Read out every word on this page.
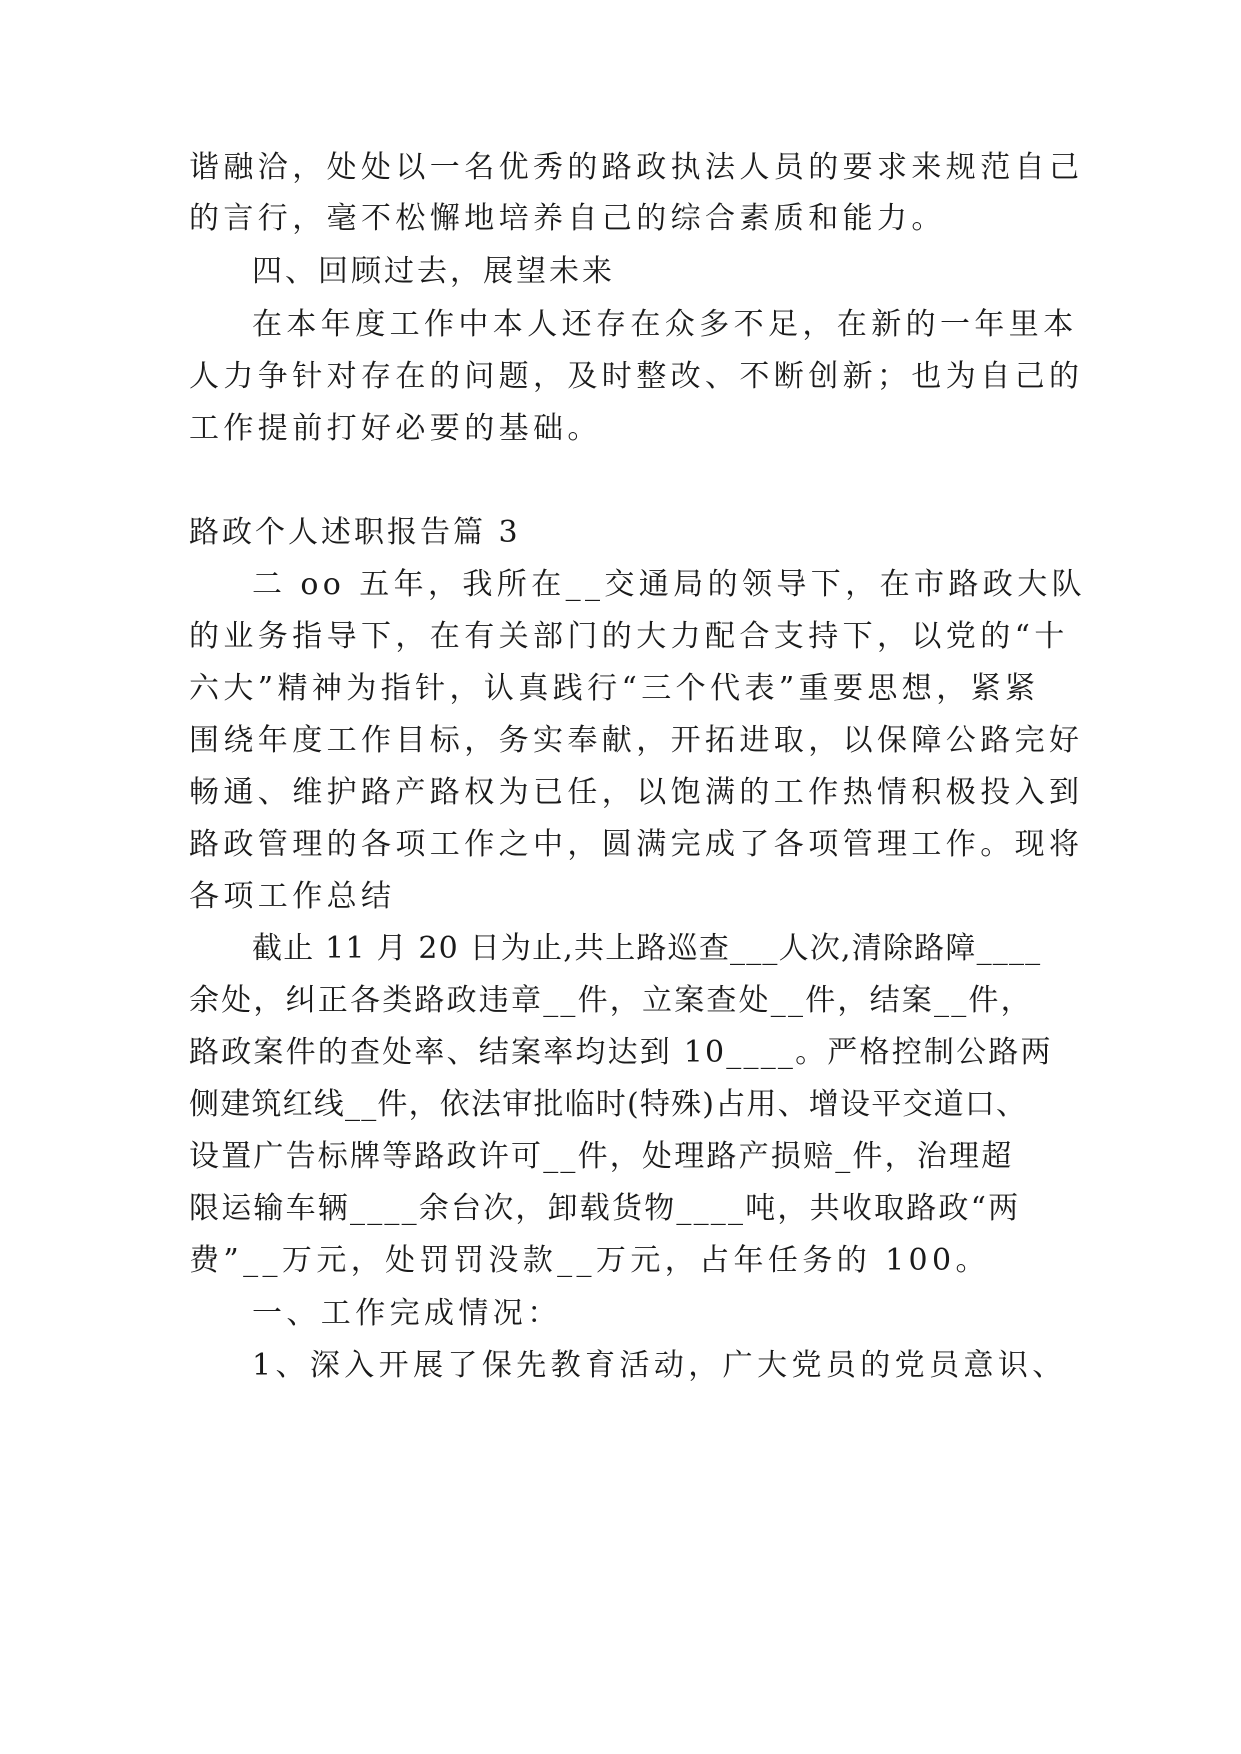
谐融洽，处处以一名优秀的路政执法人员的要求来规范自己
的言行，毫不松懈地培养自己的综合素质和能力。
四、回顾过去，展望未来
在本年度工作中本人还存在众多不足，在新的一年里本
人力争针对存在的问题，及时整改、不断创新；也为自己的
工作提前打好必要的基础。
路政个人述职报告篇 3
二 oo 五年，我所在__交通局的领导下，在市路政大队
的业务指导下，在有关部门的大力配合支持下，以党的“十
六大”精神为指针，认真践行“三个代表”重要思想，紧紧
围绕年度工作目标，务实奉献，开拓进取，以保障公路完好
畅通、维护路产路权为已任，以饱满的工作热情积极投入到
路政管理的各项工作之中，圆满完成了各项管理工作。现将
各项工作总结
截止 11 月 20 日为止,共上路巡查___人次,清除路障____
余处，纠正各类路政违章__件，立案查处__件，结案__件，
路政案件的查处率、结案率均达到 10____。严格控制公路两
侧建筑红线__件，依法审批临时(特殊)占用、增设平交道口、
设置广告标牌等路政许可__件，处理路产损赔_件，治理超
限运输车辆____余台次，卸载货物____吨，共收取路政“两
费”__万元，处罚罚没款__万元，占年任务的 100。
一、工作完成情况：
1、深入开展了保先教育活动，广大党员的党员意识、
